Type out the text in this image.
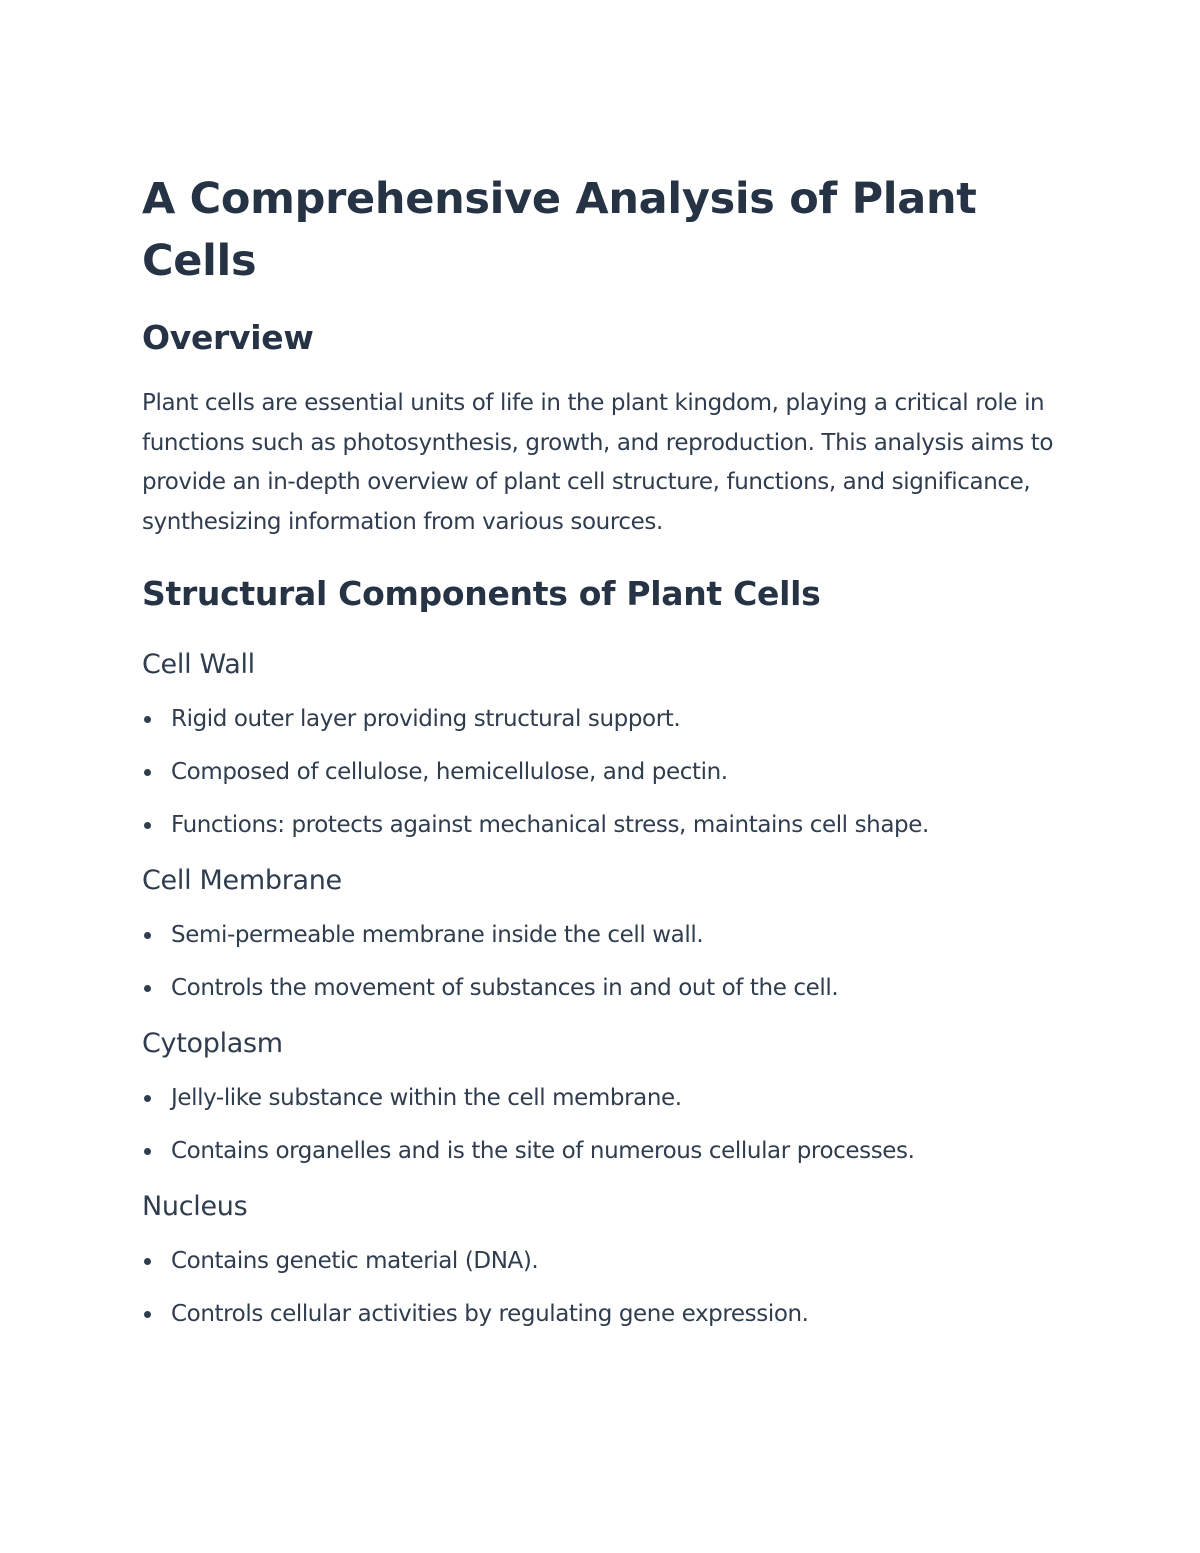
A Comprehensive Analysis of Plant Cells
Overview

Plant cells are essential units of life in the plant kingdom, playing a critical role in functions such as photosynthesis, growth, and reproduction. This analysis aims to provide an in-depth overview of plant cell structure, functions, and significance, synthesizing information from various sources.

Structural Components of Plant Cells
Cell Wall
Rigid outer layer providing structural support.
Composed of cellulose, hemicellulose, and pectin.
Functions: protects against mechanical stress, maintains cell shape.
Cell Membrane
Semi-permeable membrane inside the cell wall.
Controls the movement of substances in and out of the cell.
Cytoplasm
Jelly-like substance within the cell membrane.
Contains organelles and is the site of numerous cellular processes.
Nucleus
Contains genetic material (DNA).
Controls cellular activities by regulating gene expression.
